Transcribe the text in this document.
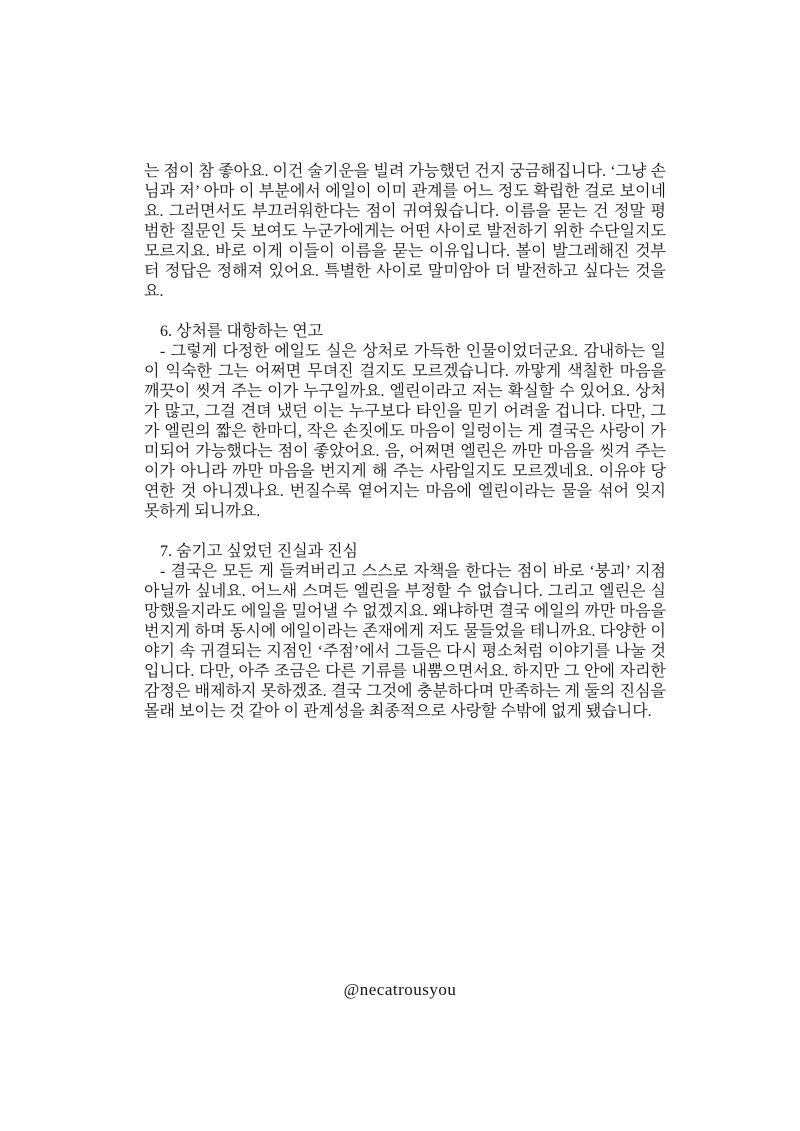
는 점이 참 좋아요. 이건 술기운을 빌려 가능했던 건지 궁금해집니다. ‘그냥 손님과 저’ 아마 이 부분에서 에일이 이미 관계를 어느 정도 확립한 걸로 보이네요. 그러면서도 부끄러워한다는 점이 귀여웠습니다. 이름을 묻는 건 정말 평범한 질문인 듯 보여도 누군가에게는 어떤 사이로 발전하기 위한 수단일지도 모르지요. 바로 이게 이들이 이름을 묻는 이유입니다. 볼이 발그레해진 것부터 정답은 정해져 있어요. 특별한 사이로 말미암아 더 발전하고 싶다는 것을요.

6. 상처를 대항하는 연고

- 그렇게 다정한 에일도 실은 상처로 가득한 인물이었더군요. 감내하는 일이 익숙한 그는 어쩌면 무뎌진 걸지도 모르겠습니다. 까맣게 색칠한 마음을 깨끗이 씻겨 주는 이가 누구일까요. 엘린이라고 저는 확실할 수 있어요. 상처가 많고, 그걸 견뎌 냈던 이는 누구보다 타인을 믿기 어려울 겁니다. 다만, 그가 엘린의 짧은 한마디, 작은 손짓에도 마음이 일렁이는 게 결국은 사랑이 가미되어 가능했다는 점이 좋았어요. 음, 어쩌면 엘린은 까만 마음을 씻겨 주는 이가 아니라 까만 마음을 번지게 해 주는 사람일지도 모르겠네요. 이유야 당연한 것 아니겠나요. 번질수록 옅어지는 마음에 엘린이라는 물을 섞어 잊지 못하게 되니까요.

7. 숨기고 싶었던 진실과 진심

- 결국은 모든 게 들켜버리고 스스로 자책을 한다는 점이 바로 ‘붕괴’ 지점 아닐까 싶네요. 어느새 스며든 엘린을 부정할 수 없습니다. 그리고 엘린은 실망했을지라도 에일을 밀어낼 수 없겠지요. 왜냐하면 결국 에일의 까만 마음을 번지게 하며 동시에 에일이라는 존재에게 저도 물들었을 테니까요. 다양한 이야기 속 귀결되는 지점인 ‘주점’에서 그들은 다시 평소처럼 이야기를 나눌 것입니다. 다만, 아주 조금은 다른 기류를 내뿜으면서요. 하지만 그 안에 자리한 감정은 배제하지 못하겠죠. 결국 그것에 충분하다며 만족하는 게 둘의 진심을 몰래 보이는 것 같아 이 관계성을 최종적으로 사랑할 수밖에 없게 됐습니다.

@necatrousyou
